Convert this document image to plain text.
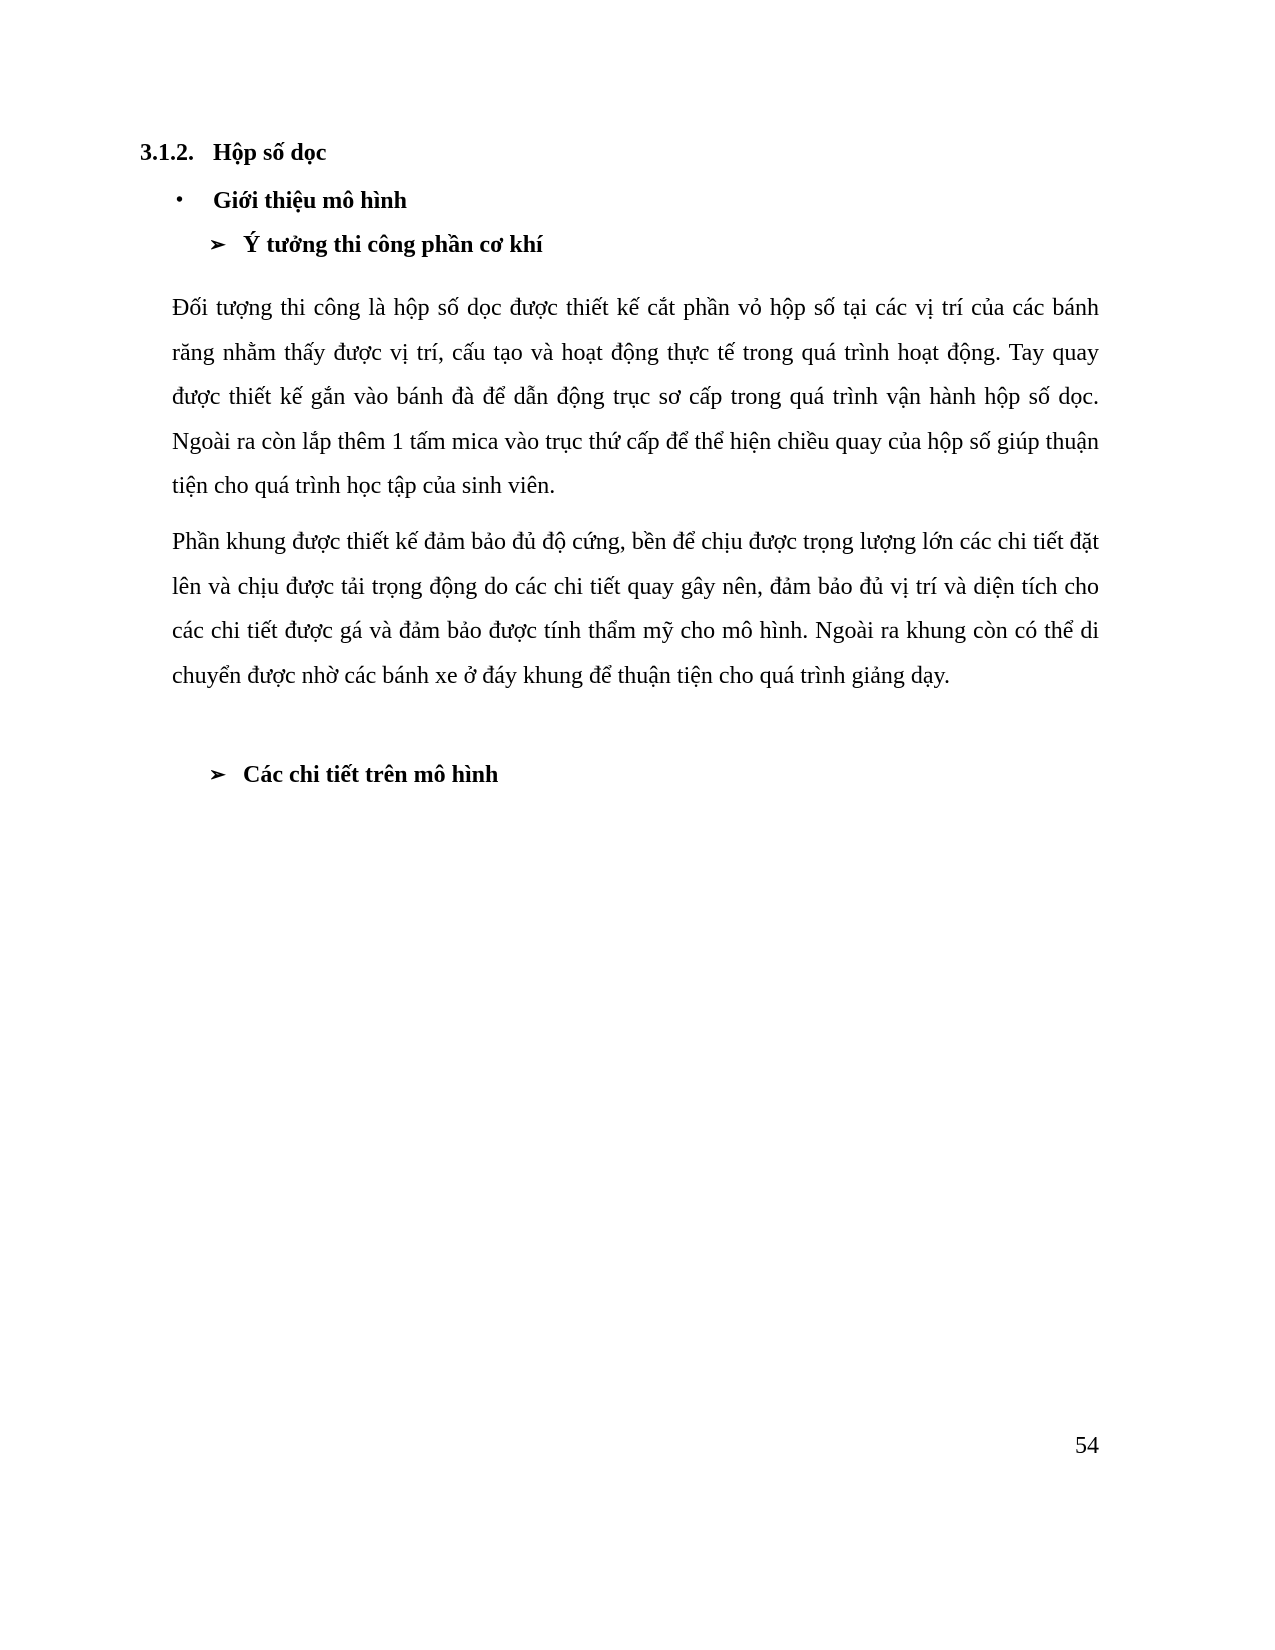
3.1.2. Hộp số dọc
• Giới thiệu mô hình
➢ Ý tưởng thi công phần cơ khí

Đối tượng thi công là hộp số dọc được thiết kế cắt phần vỏ hộp số tại các vị trí của các bánh răng nhằm thấy được vị trí, cấu tạo và hoạt động thực tế trong quá trình hoạt động. Tay quay được thiết kế gắn vào bánh đà để dẫn động trục sơ cấp trong quá trình vận hành hộp số dọc. Ngoài ra còn lắp thêm 1 tấm mica vào trục thứ cấp để thể hiện chiều quay của hộp số giúp thuận tiện cho quá trình học tập của sinh viên.

Phần khung được thiết kế đảm bảo đủ độ cứng, bền để chịu được trọng lượng lớn các chi tiết đặt lên và chịu được tải trọng động do các chi tiết quay gây nên, đảm bảo đủ vị trí và diện tích cho các chi tiết được gá và đảm bảo được tính thẩm mỹ cho mô hình. Ngoài ra khung còn có thể di chuyển được nhờ các bánh xe ở đáy khung để thuận tiện cho quá trình giảng dạy.

➢ Các chi tiết trên mô hình
54
